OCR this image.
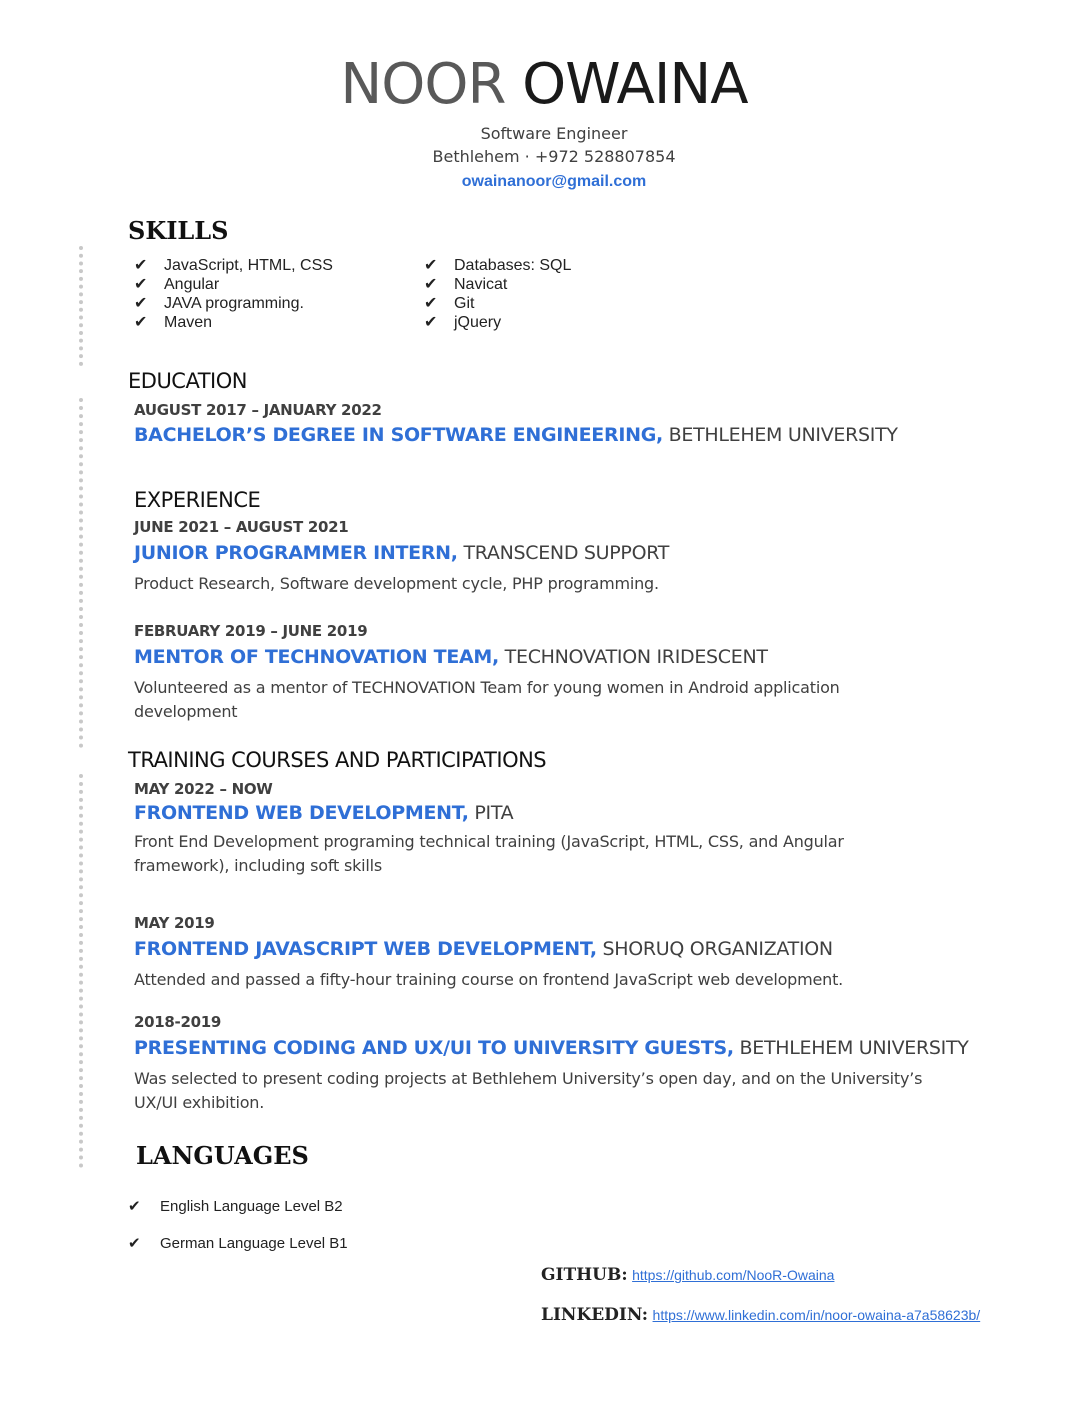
NOOR OWAINA
Software Engineer
Bethlehem · +972 528807854
owainanoor@gmail.com
SKILLS
✔ JavaScript, HTML, CSS
✔ Angular
✔ JAVA programming.
✔ Maven
✔ Databases: SQL
✔ Navicat
✔ Git
✔ jQuery
EDUCATION
AUGUST 2017 – JANUARY 2022
BACHELOR’S DEGREE IN SOFTWARE ENGINEERING, BETHLEHEM UNIVERSITY
EXPERIENCE
JUNE 2021 – AUGUST 2021
JUNIOR PROGRAMMER INTERN, TRANSCEND SUPPORT
Product Research, Software development cycle, PHP programming.
FEBRUARY 2019 – JUNE 2019
MENTOR OF TECHNOVATION TEAM, TECHNOVATION IRIDESCENT
Volunteered as a mentor of TECHNOVATION Team for young women in Android application development
TRAINING COURSES AND PARTICIPATIONS
MAY 2022 – NOW
FRONTEND WEB DEVELOPMENT, PITA
Front End Development programing technical training (JavaScript, HTML, CSS, and Angular framework), including soft skills
MAY 2019
FRONTEND JAVASCRIPT WEB DEVELOPMENT, SHORUQ ORGANIZATION
Attended and passed a fifty-hour training course on frontend JavaScript web development.
2018-2019
PRESENTING CODING AND UX/UI TO UNIVERSITY GUESTS, BETHLEHEM UNIVERSITY
Was selected to present coding projects at Bethlehem University’s open day, and on the University’s UX/UI exhibition.
LANGUAGES
✔ English Language Level B2
✔ German Language Level B1
GITHUB: https://github.com/NooR-Owaina
LINKEDIN: https://www.linkedin.com/in/noor-owaina-a7a58623b/
